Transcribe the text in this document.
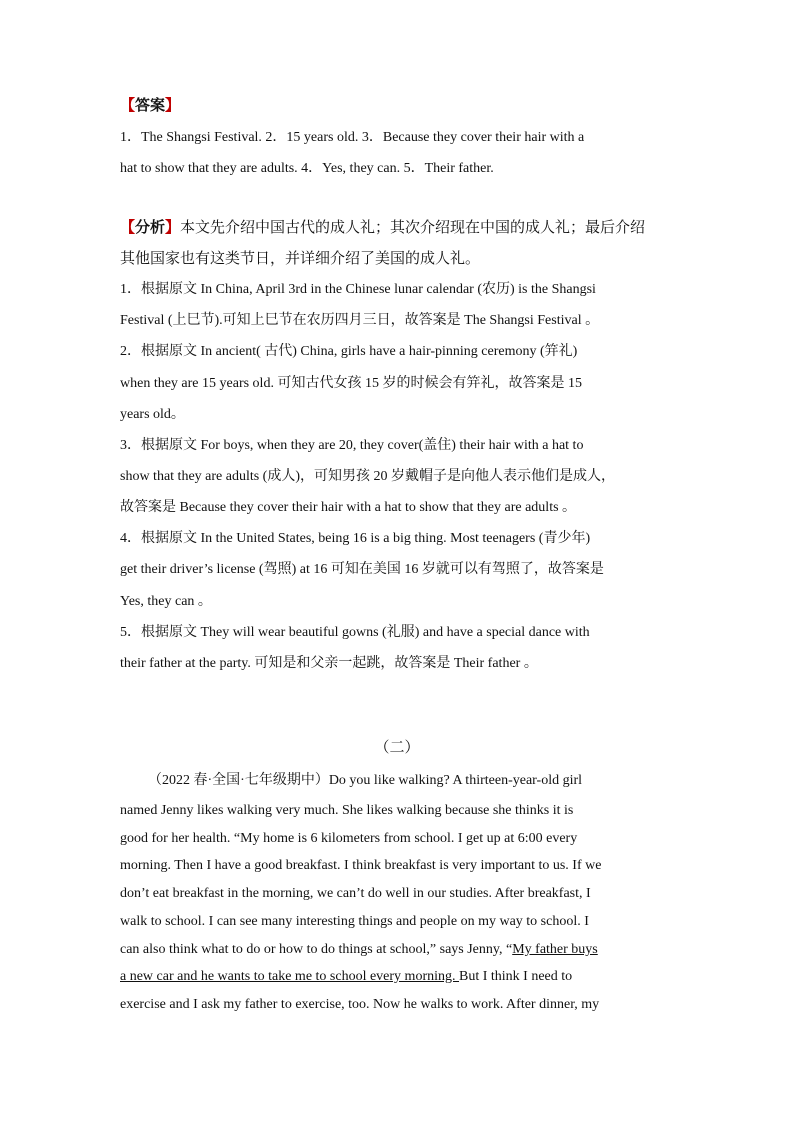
【答案】
1．The Shangsi Festival. 2．15 years old. 3．Because they cover their hair with a
hat to show that they are adults. 4．Yes, they can. 5．Their father.
【分析】本文先介绍中国古代的成人礼；其次介绍现在中国的成人礼；最后介绍
其他国家也有这类节日，并详细介绍了美国的成人礼。
1．根据原文 In China, April 3rd in the Chinese lunar calendar (农历) is the Shangsi
Festival (上巳节).可知上巳节在农历四月三日，故答案是 The Shangsi Festival 。
2．根据原文 In ancient( 古代) China, girls have a hair-pinning ceremony (笄礼)
when they are 15 years old. 可知古代女孩 15 岁的时候会有笄礼，故答案是 15
years old。
3．根据原文 For boys, when they are 20, they cover(盖住) their hair with a hat to
show that they are adults (成人)，可知男孩 20 岁戴帽子是向他人表示他们是成人，
故答案是 Because they cover their hair with a hat to show that they are adults 。
4．根据原文 In the United States, being 16 is a big thing. Most teenagers (青少年)
get their driver’s license (驾照) at 16 可知在美国 16 岁就可以有驾照了，故答案是
Yes, they can 。
5．根据原文 They will wear beautiful gowns (礼服) and have a special dance with
their father at the party. 可知是和父亲一起跳，故答案是 Their father 。
（二）
（2022 春·全国·七年级期中）Do you like walking? A thirteen-year-old girl
named Jenny likes walking very much. She likes walking because she thinks it is
good for her health. “My home is 6 kilometers from school. I get up at 6:00 every
morning. Then I have a good breakfast. I think breakfast is very important to us. If we
don’t eat breakfast in the morning, we can’t do well in our studies. After breakfast, I
walk to school. I can see many interesting things and people on my way to school. I
can also think what to do or how to do things at school,” says Jenny, “My father buys
a new car and he wants to take me to school every morning. But I think I need to
exercise and I ask my father to exercise, too. Now he walks to work. After dinner, my
